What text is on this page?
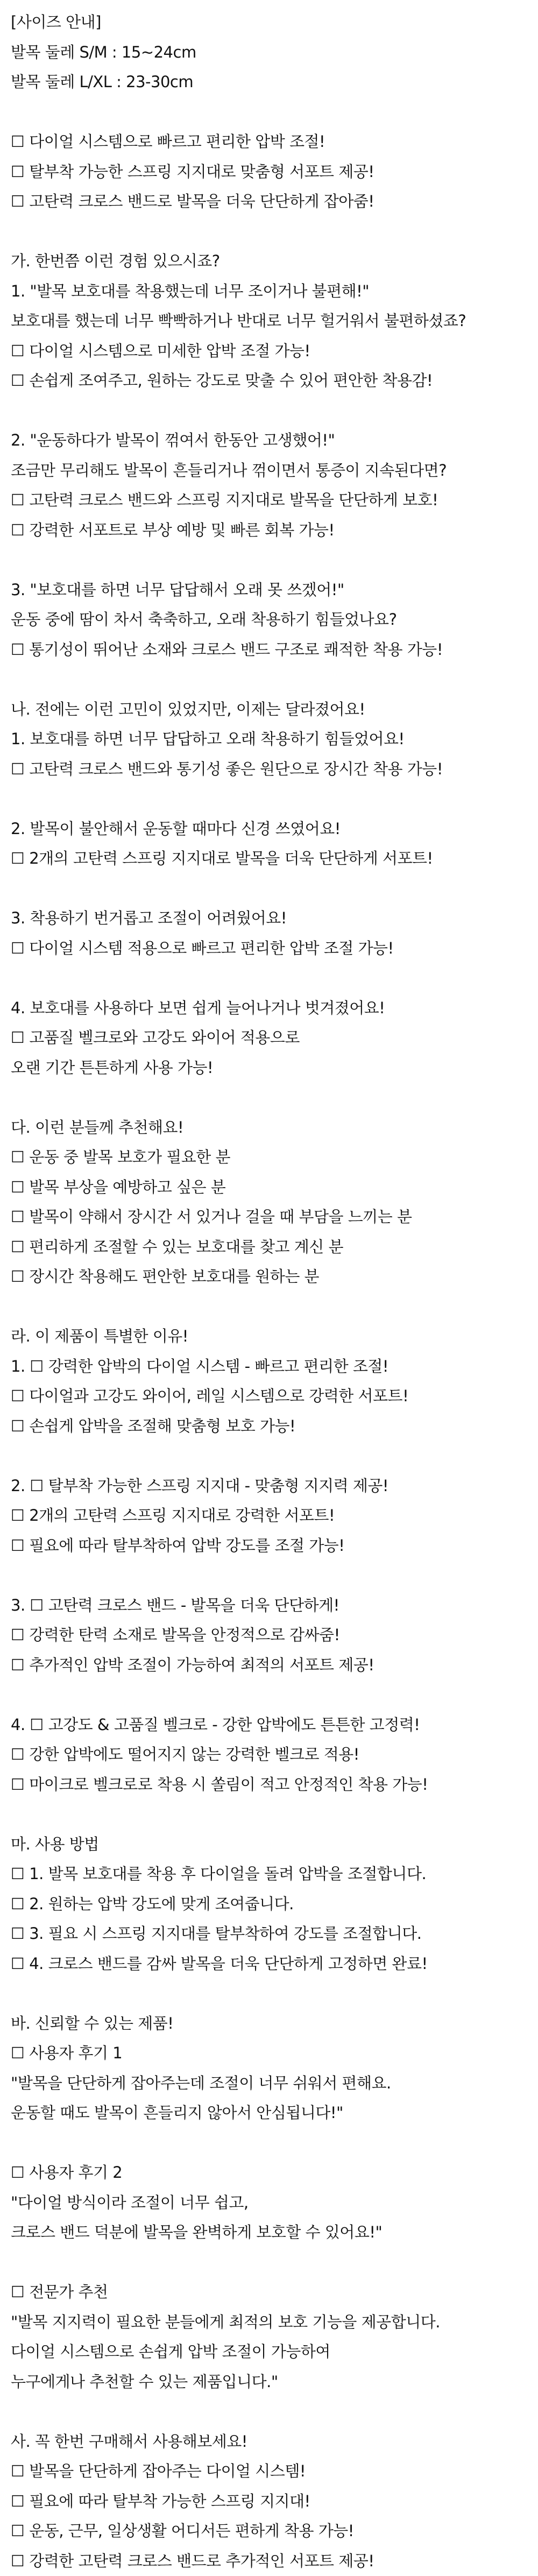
[사이즈 안내]
발목 둘레 S/M : 15~24cm
발목 둘레 L/XL : 23-30cm
☐ 다이얼 시스템으로 빠르고 편리한 압박 조절!
☐ 탈부착 가능한 스프링 지지대로 맞춤형 서포트 제공!
☐ 고탄력 크로스 밴드로 발목을 더욱 단단하게 잡아줌!
가. 한번쯤 이런 경험 있으시죠?
1. "발목 보호대를 착용했는데 너무 조이거나 불편해!"
보호대를 했는데 너무 빡빡하거나 반대로 너무 헐거워서 불편하셨죠?
☐ 다이얼 시스템으로 미세한 압박 조절 가능!
☐ 손쉽게 조여주고, 원하는 강도로 맞출 수 있어 편안한 착용감!
2. "운동하다가 발목이 꺾여서 한동안 고생했어!"
조금만 무리해도 발목이 흔들리거나 꺾이면서 통증이 지속된다면?
☐ 고탄력 크로스 밴드와 스프링 지지대로 발목을 단단하게 보호!
☐ 강력한 서포트로 부상 예방 및 빠른 회복 가능!
3. "보호대를 하면 너무 답답해서 오래 못 쓰겠어!"
운동 중에 땀이 차서 축축하고, 오래 착용하기 힘들었나요?
☐ 통기성이 뛰어난 소재와 크로스 밴드 구조로 쾌적한 착용 가능!
나. 전에는 이런 고민이 있었지만, 이제는 달라졌어요!
1. 보호대를 하면 너무 답답하고 오래 착용하기 힘들었어요!
☐ 고탄력 크로스 밴드와 통기성 좋은 원단으로 장시간 착용 가능!
2. 발목이 불안해서 운동할 때마다 신경 쓰였어요!
☐ 2개의 고탄력 스프링 지지대로 발목을 더욱 단단하게 서포트!
3. 착용하기 번거롭고 조절이 어려웠어요!
☐ 다이얼 시스템 적용으로 빠르고 편리한 압박 조절 가능!
4. 보호대를 사용하다 보면 쉽게 늘어나거나 벗겨졌어요!
☐ 고품질 벨크로와 고강도 와이어 적용으로
오랜 기간 튼튼하게 사용 가능!
다. 이런 분들께 추천해요!
☐ 운동 중 발목 보호가 필요한 분
☐ 발목 부상을 예방하고 싶은 분
☐ 발목이 약해서 장시간 서 있거나 걸을 때 부담을 느끼는 분
☐ 편리하게 조절할 수 있는 보호대를 찾고 계신 분
☐ 장시간 착용해도 편안한 보호대를 원하는 분
라. 이 제품이 특별한 이유!
1. ☐ 강력한 압박의 다이얼 시스템 - 빠르고 편리한 조절!
☐ 다이얼과 고강도 와이어, 레일 시스템으로 강력한 서포트!
☐ 손쉽게 압박을 조절해 맞춤형 보호 가능!
2. ☐ 탈부착 가능한 스프링 지지대 - 맞춤형 지지력 제공!
☐ 2개의 고탄력 스프링 지지대로 강력한 서포트!
☐ 필요에 따라 탈부착하여 압박 강도를 조절 가능!
3. ☐ 고탄력 크로스 밴드 - 발목을 더욱 단단하게!
☐ 강력한 탄력 소재로 발목을 안정적으로 감싸줌!
☐ 추가적인 압박 조절이 가능하여 최적의 서포트 제공!
4. ☐ 고강도 & 고품질 벨크로 - 강한 압박에도 튼튼한 고정력!
☐ 강한 압박에도 떨어지지 않는 강력한 벨크로 적용!
☐ 마이크로 벨크로로 착용 시 쏠림이 적고 안정적인 착용 가능!
마. 사용 방법
☐ 1. 발목 보호대를 착용 후 다이얼을 돌려 압박을 조절합니다.
☐ 2. 원하는 압박 강도에 맞게 조여줍니다.
☐ 3. 필요 시 스프링 지지대를 탈부착하여 강도를 조절합니다.
☐ 4. 크로스 밴드를 감싸 발목을 더욱 단단하게 고정하면 완료!
바. 신뢰할 수 있는 제품!
☐ 사용자 후기 1
"발목을 단단하게 잡아주는데 조절이 너무 쉬워서 편해요.
운동할 때도 발목이 흔들리지 않아서 안심됩니다!"
☐ 사용자 후기 2
"다이얼 방식이라 조절이 너무 쉽고,
크로스 밴드 덕분에 발목을 완벽하게 보호할 수 있어요!"
☐ 전문가 추천
"발목 지지력이 필요한 분들에게 최적의 보호 기능을 제공합니다.
다이얼 시스템으로 손쉽게 압박 조절이 가능하여
누구에게나 추천할 수 있는 제품입니다."
사. 꼭 한번 구매해서 사용해보세요!
☐ 발목을 단단하게 잡아주는 다이얼 시스템!
☐ 필요에 따라 탈부착 가능한 스프링 지지대!
☐ 운동, 근무, 일상생활 어디서든 편하게 착용 가능!
☐ 강력한 고탄력 크로스 밴드로 추가적인 서포트 제공!
